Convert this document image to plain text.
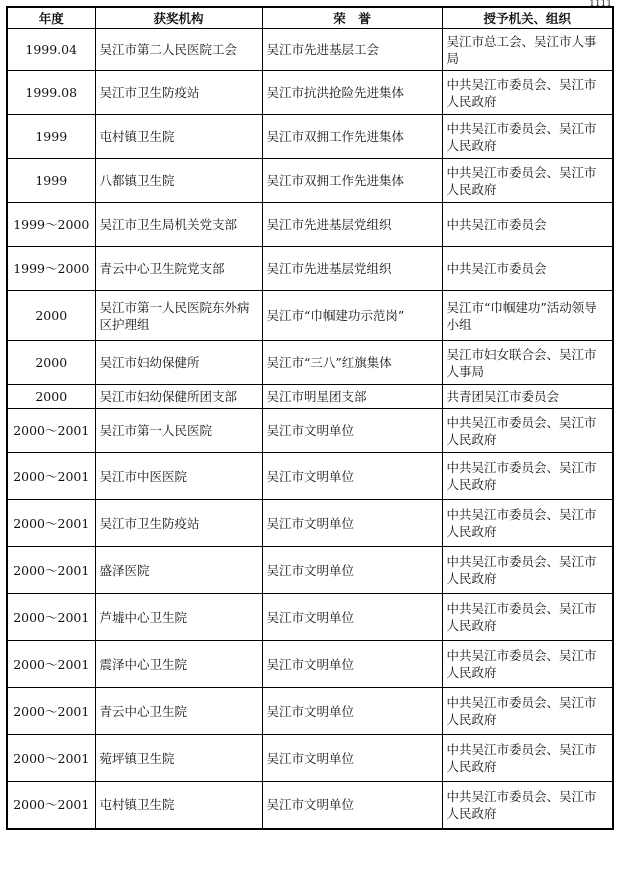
1111
年度	获奖机构	荣　誉	授予机关、组织
1999.04	吴江市第二人民医院工会	吴江市先进基层工会	吴江市总工会、吴江市人事局
1999.08	吴江市卫生防疫站	吴江市抗洪抢险先进集体	中共吴江市委员会、吴江市人民政府
1999	屯村镇卫生院	吴江市双拥工作先进集体	中共吴江市委员会、吴江市人民政府
1999	八都镇卫生院	吴江市双拥工作先进集体	中共吴江市委员会、吴江市人民政府
1999～2000	吴江市卫生局机关党支部	吴江市先进基层党组织	中共吴江市委员会
1999～2000	青云中心卫生院党支部	吴江市先进基层党组织	中共吴江市委员会
2000	吴江市第一人民医院东外病区护理组	吴江市“巾帼建功示范岗”	吴江市“巾帼建功”活动领导小组
2000	吴江市妇幼保健所	吴江市“三八”红旗集体	吴江市妇女联合会、吴江市人事局
2000	吴江市妇幼保健所团支部	吴江市明星团支部	共青团吴江市委员会
2000～2001	吴江市第一人民医院	吴江市文明单位	中共吴江市委员会、吴江市人民政府
2000～2001	吴江市中医医院	吴江市文明单位	中共吴江市委员会、吴江市人民政府
2000～2001	吴江市卫生防疫站	吴江市文明单位	中共吴江市委员会、吴江市人民政府
2000～2001	盛泽医院	吴江市文明单位	中共吴江市委员会、吴江市人民政府
2000～2001	芦墟中心卫生院	吴江市文明单位	中共吴江市委员会、吴江市人民政府
2000～2001	震泽中心卫生院	吴江市文明单位	中共吴江市委员会、吴江市人民政府
2000～2001	青云中心卫生院	吴江市文明单位	中共吴江市委员会、吴江市人民政府
2000～2001	菀坪镇卫生院	吴江市文明单位	中共吴江市委员会、吴江市人民政府
2000～2001	屯村镇卫生院	吴江市文明单位	中共吴江市委员会、吴江市人民政府
